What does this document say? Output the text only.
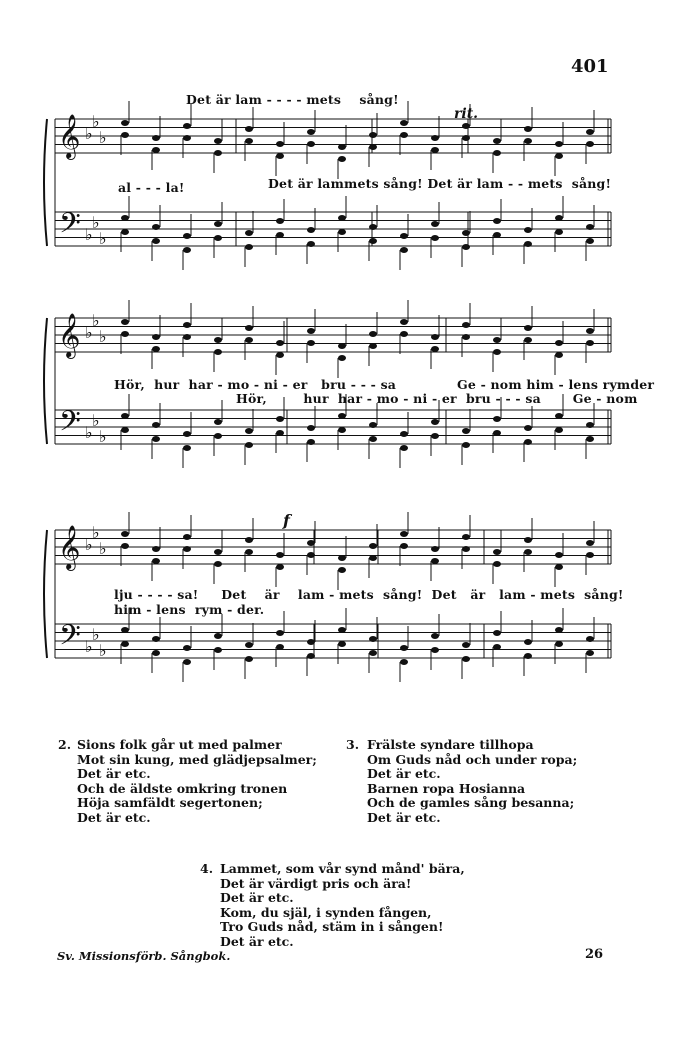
401
𝄞
𝄢
♭
♭
♭
♭
♭
♭
𝄞
𝄢
♭
♭
♭
♭
♭
♭
𝄞
𝄢
♭
♭
♭
♭
♭
♭
Det är lam - - - - mets    sång!
rit.
al - - - la!	Det är lammets sång! Det är lam - - mets  sång!
Hör,  hur  har - mo - ni - er   bru - - - sa	Ge - nom him - lens rymder
Hör,        hur  har - mo - ni - er  bru - - - sa       Ge - nom
f
lju - - - - sa!     Det    är    lam - mets  sång!  Det   är   lam - mets  sång!
him - lens  rym - der.
2. Sions folk går ut med palmer
Mot sin kung, med glädjepsalmer;
Det är etc.
Och de äldste omkring tronen
Höja samfäldt segertonen;
Det är etc.
3. Frälste syndare tillhopa
Om Guds nåd och under ropa;
Det är etc.
Barnen ropa Hosianna
Och de gamles sång besanna;
Det är etc.
4. Lammet, som vår synd månd' bära,
Det är värdigt pris och ära!
Det är etc.
Kom, du själ, i synden fången,
Tro Guds nåd, stäm in i sången!
Det är etc.
Sv. Missionsförb. Sångbok.	26
